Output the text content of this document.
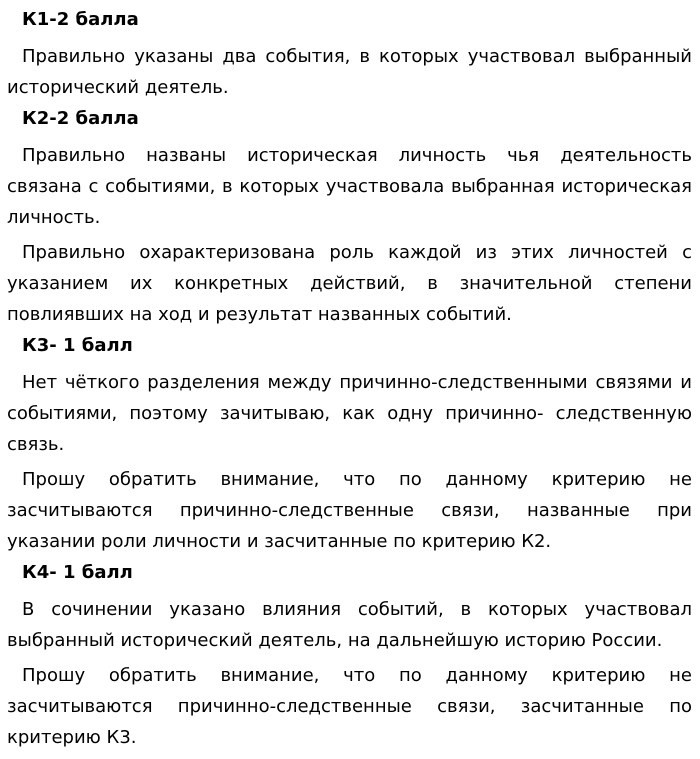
К1-2 балла

Правильно указаны два события, в которых участвовал выбранный исторический деятель.

К2-2 балла

Правильно названы историческая личность чья деятельность связана с событиями, в которых участвовала выбранная историческая личность.

Правильно охарактеризована роль каждой из этих личностей с указанием их конкретных действий, в значительной степени повлиявших на ход и результат названных событий.

К3- 1 балл

Нет чёткого разделения между причинно-следственными связями и событиями, поэтому зачитываю, как одну причинно- следственную связь.

Прошу обратить внимание, что по данному критерию не засчитываются причинно-следственные связи, названные при указании роли личности и засчитанные по критерию К2.

К4- 1 балл

В сочинении указано влияния событий, в которых участвовал выбранный исторический деятель, на дальнейшую историю России.

Прошу обратить внимание, что по данному критерию не засчитываются причинно-следственные связи, засчитанные по критерию К3.
